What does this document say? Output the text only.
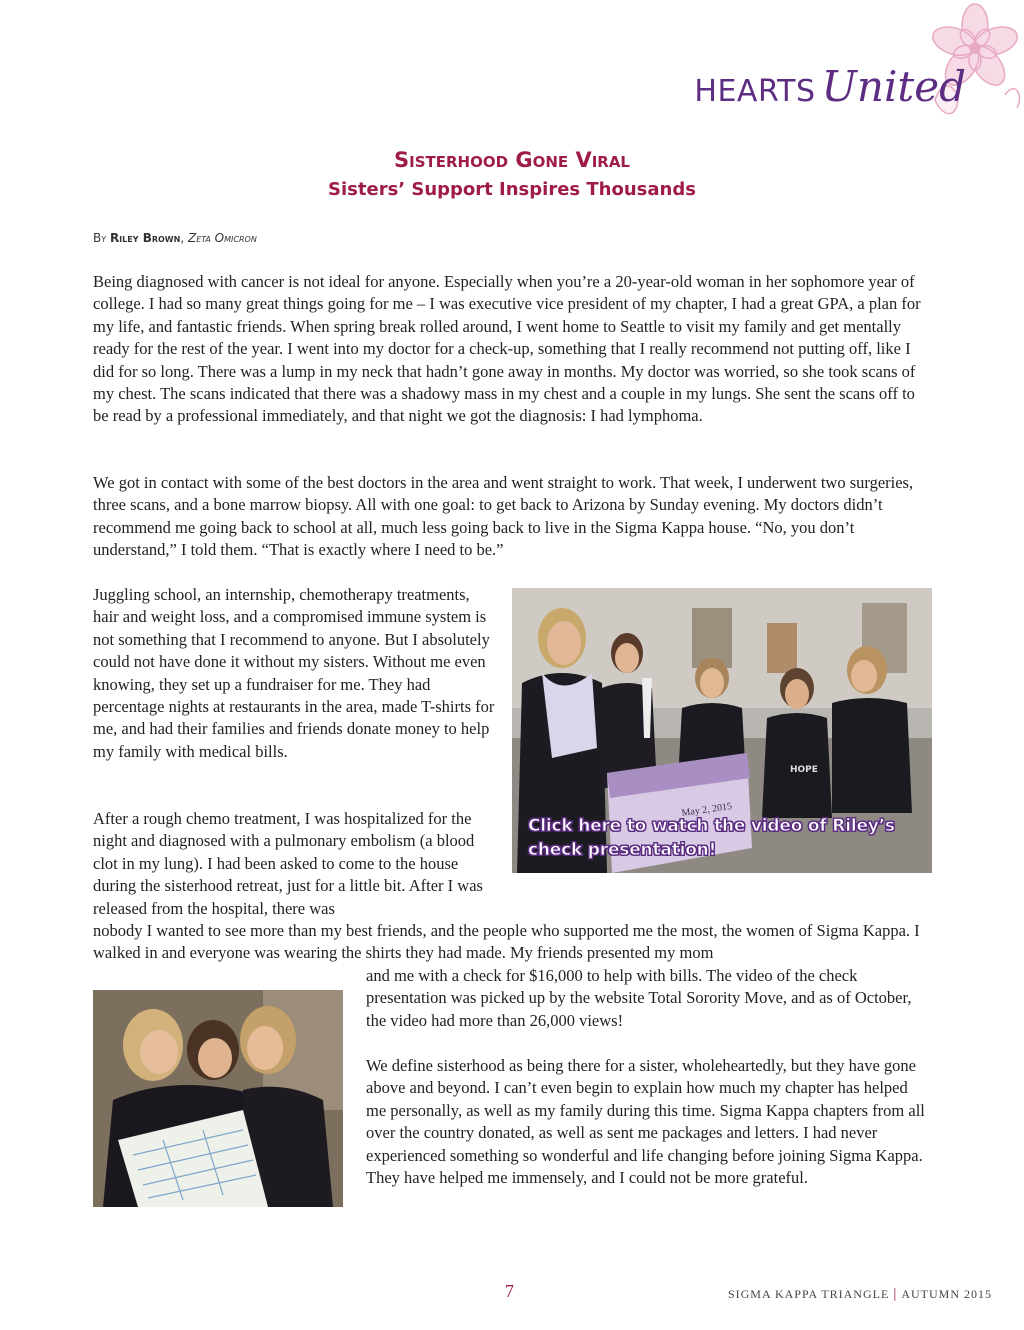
HEARTS United
Sisterhood Gone Viral
Sisters’ Support Inspires Thousands
By Riley Brown, Zeta Omicron

Being diagnosed with cancer is not ideal for anyone. Especially when you’re a 20-year-old woman in her sophomore year of college. I had so many great things going for me – I was executive vice president of my chapter, I had a great GPA, a plan for my life, and fantastic friends. When spring break rolled around, I went home to Seattle to visit my family and get mentally ready for the rest of the year. I went into my doctor for a check-up, something that I really recommend not putting off, like I did for so long. There was a lump in my neck that hadn’t gone away in months. My doctor was worried, so she took scans of my chest. The scans indicated that there was a shadowy mass in my chest and a couple in my lungs. She sent the scans off to be read by a professional immediately, and that night we got the diagnosis: I had lymphoma.

We got in contact with some of the best doctors in the area and went straight to work. That week, I underwent two surgeries, three scans, and a bone marrow biopsy. All with one goal: to get back to Arizona by Sunday evening. My doctors didn’t recommend me going back to school at all, much less going back to live in the Sigma Kappa house. “No, you don’t understand,” I told them. “That is exactly where I need to be.”

Juggling school, an internship, chemotherapy treatments, hair and weight loss, and a compromised immune system is not something that I recommend to anyone. But I absolutely could not have done it without my sisters. Without me even knowing, they set up a fundraiser for me. They had percentage nights at restaurants in the area, made T-shirts for me, and had their families and friends donate money to help my family with medical bills.

After a rough chemo treatment, I was hospitalized for the night and diagnosed with a pulmonary embolism (a blood clot in my lung). I had been asked to come to the house during the sisterhood retreat, just for a little bit. After I was released from the hospital, there was

nobody I wanted to see more than my best friends, and the people who supported me the most, the women of Sigma Kappa. I walked in and everyone was wearing the shirts they had made. My friends presented my mom

and me with a check for $16,000 to help with bills. The video of the check presentation was picked up by the website Total Sorority Move, and as of October, the video had more than 26,000 views!

We define sisterhood as being there for a sister, wholeheartedly, but they have gone above and beyond. I can’t even begin to explain how much my chapter has helped me personally, as well as my family during this time. Sigma Kappa chapters from all over the country donated, as well as sent me packages and letters. I had never experienced something so wonderful and life changing before joining Sigma Kappa. They have helped me immensely, and I could not be more grateful.

May 2, 2015
HOPE
Click here to watch the video of Riley’s check presentation!
7	SIGMA KAPPA TRIANGLE | AUTUMN 2015
